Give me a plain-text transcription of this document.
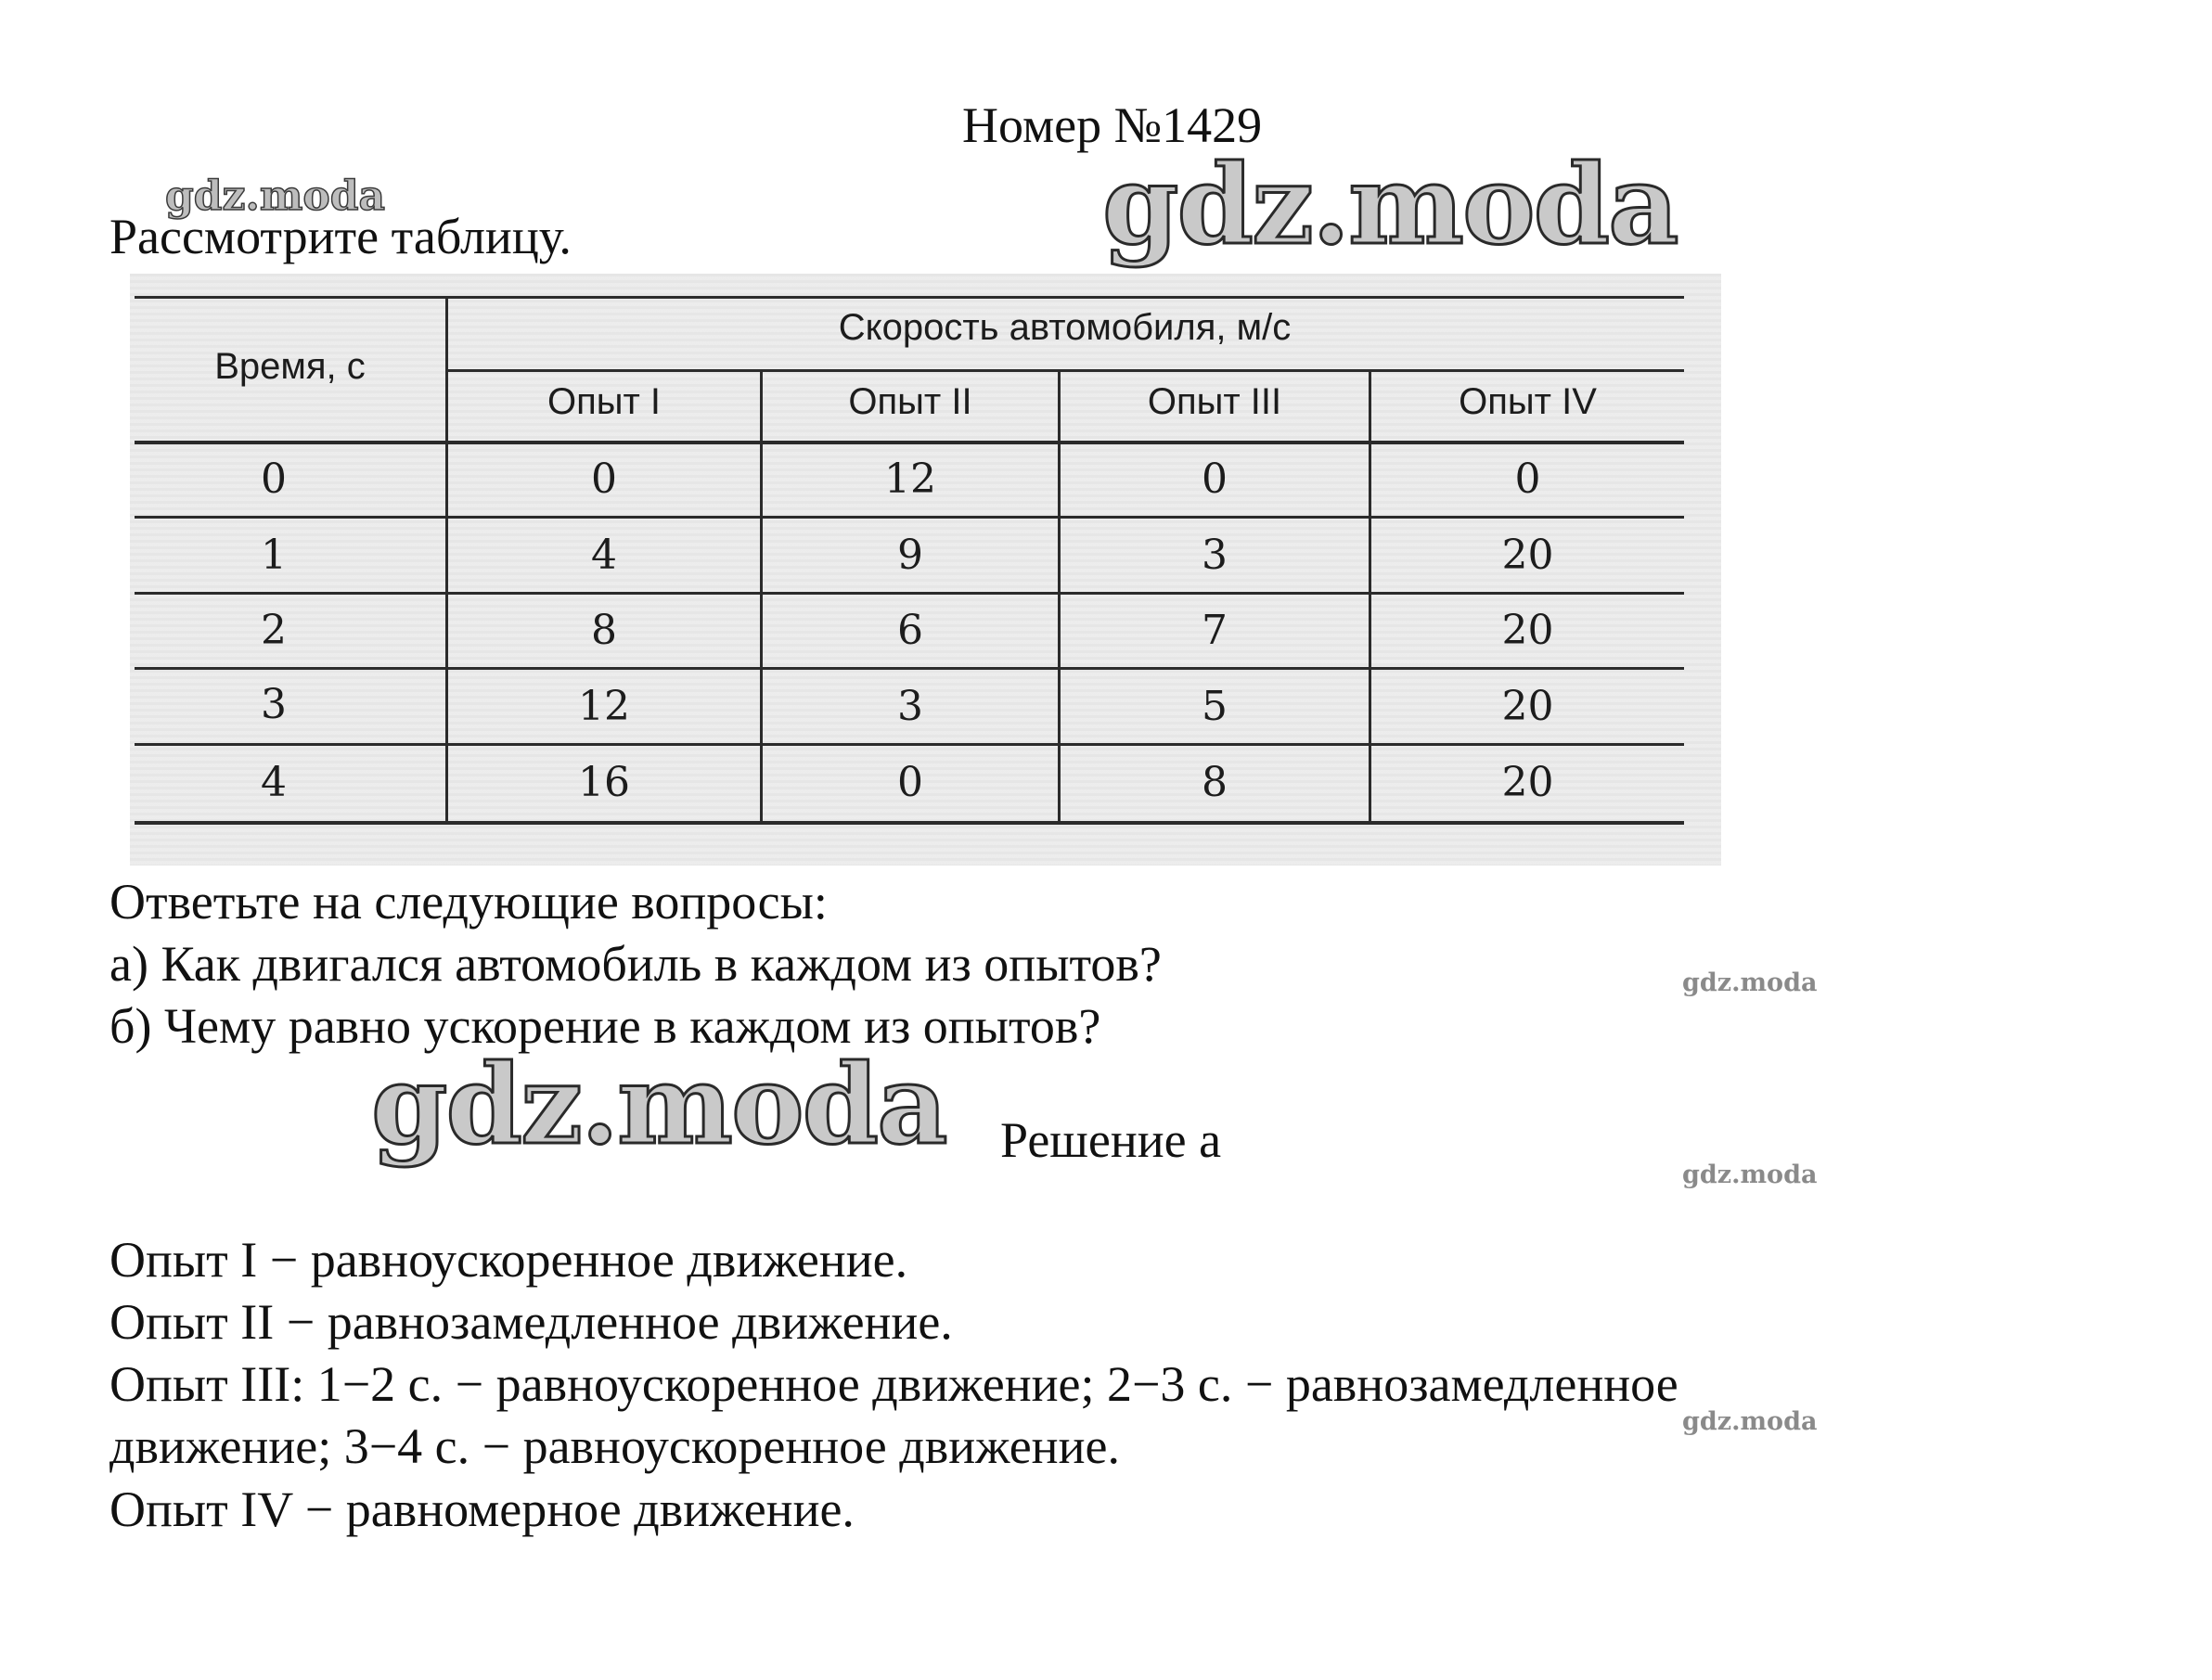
Номер №1429
gdz.moda	gdz.moda
Рассмотрите таблицу.
Время, с
Скорость автомобиля, м/с
Опыт I	Опыт II	Опыт III	Опыт IV
0	0	12	0	0
1	4	9	3	20
2	8	6	7	20
3	12	3	5	20
4	16	0	8	20
Ответьте на следующие вопросы:
а) Как двигался автомобиль в каждом из опытов?
б) Чему равно ускорение в каждом из опытов?
gdz.moda
gdz.moda Решение а
gdz.moda
Опыт I − равноускоренное движение.
Опыт II − равнозамедленное движение.
Опыт III: 1−2 с. − равноускоренное движение; 2−3 с. − равнозамедленное
движение; 3−4 с. − равноускоренное движение.
Опыт IV − равномерное движение.
gdz.moda
